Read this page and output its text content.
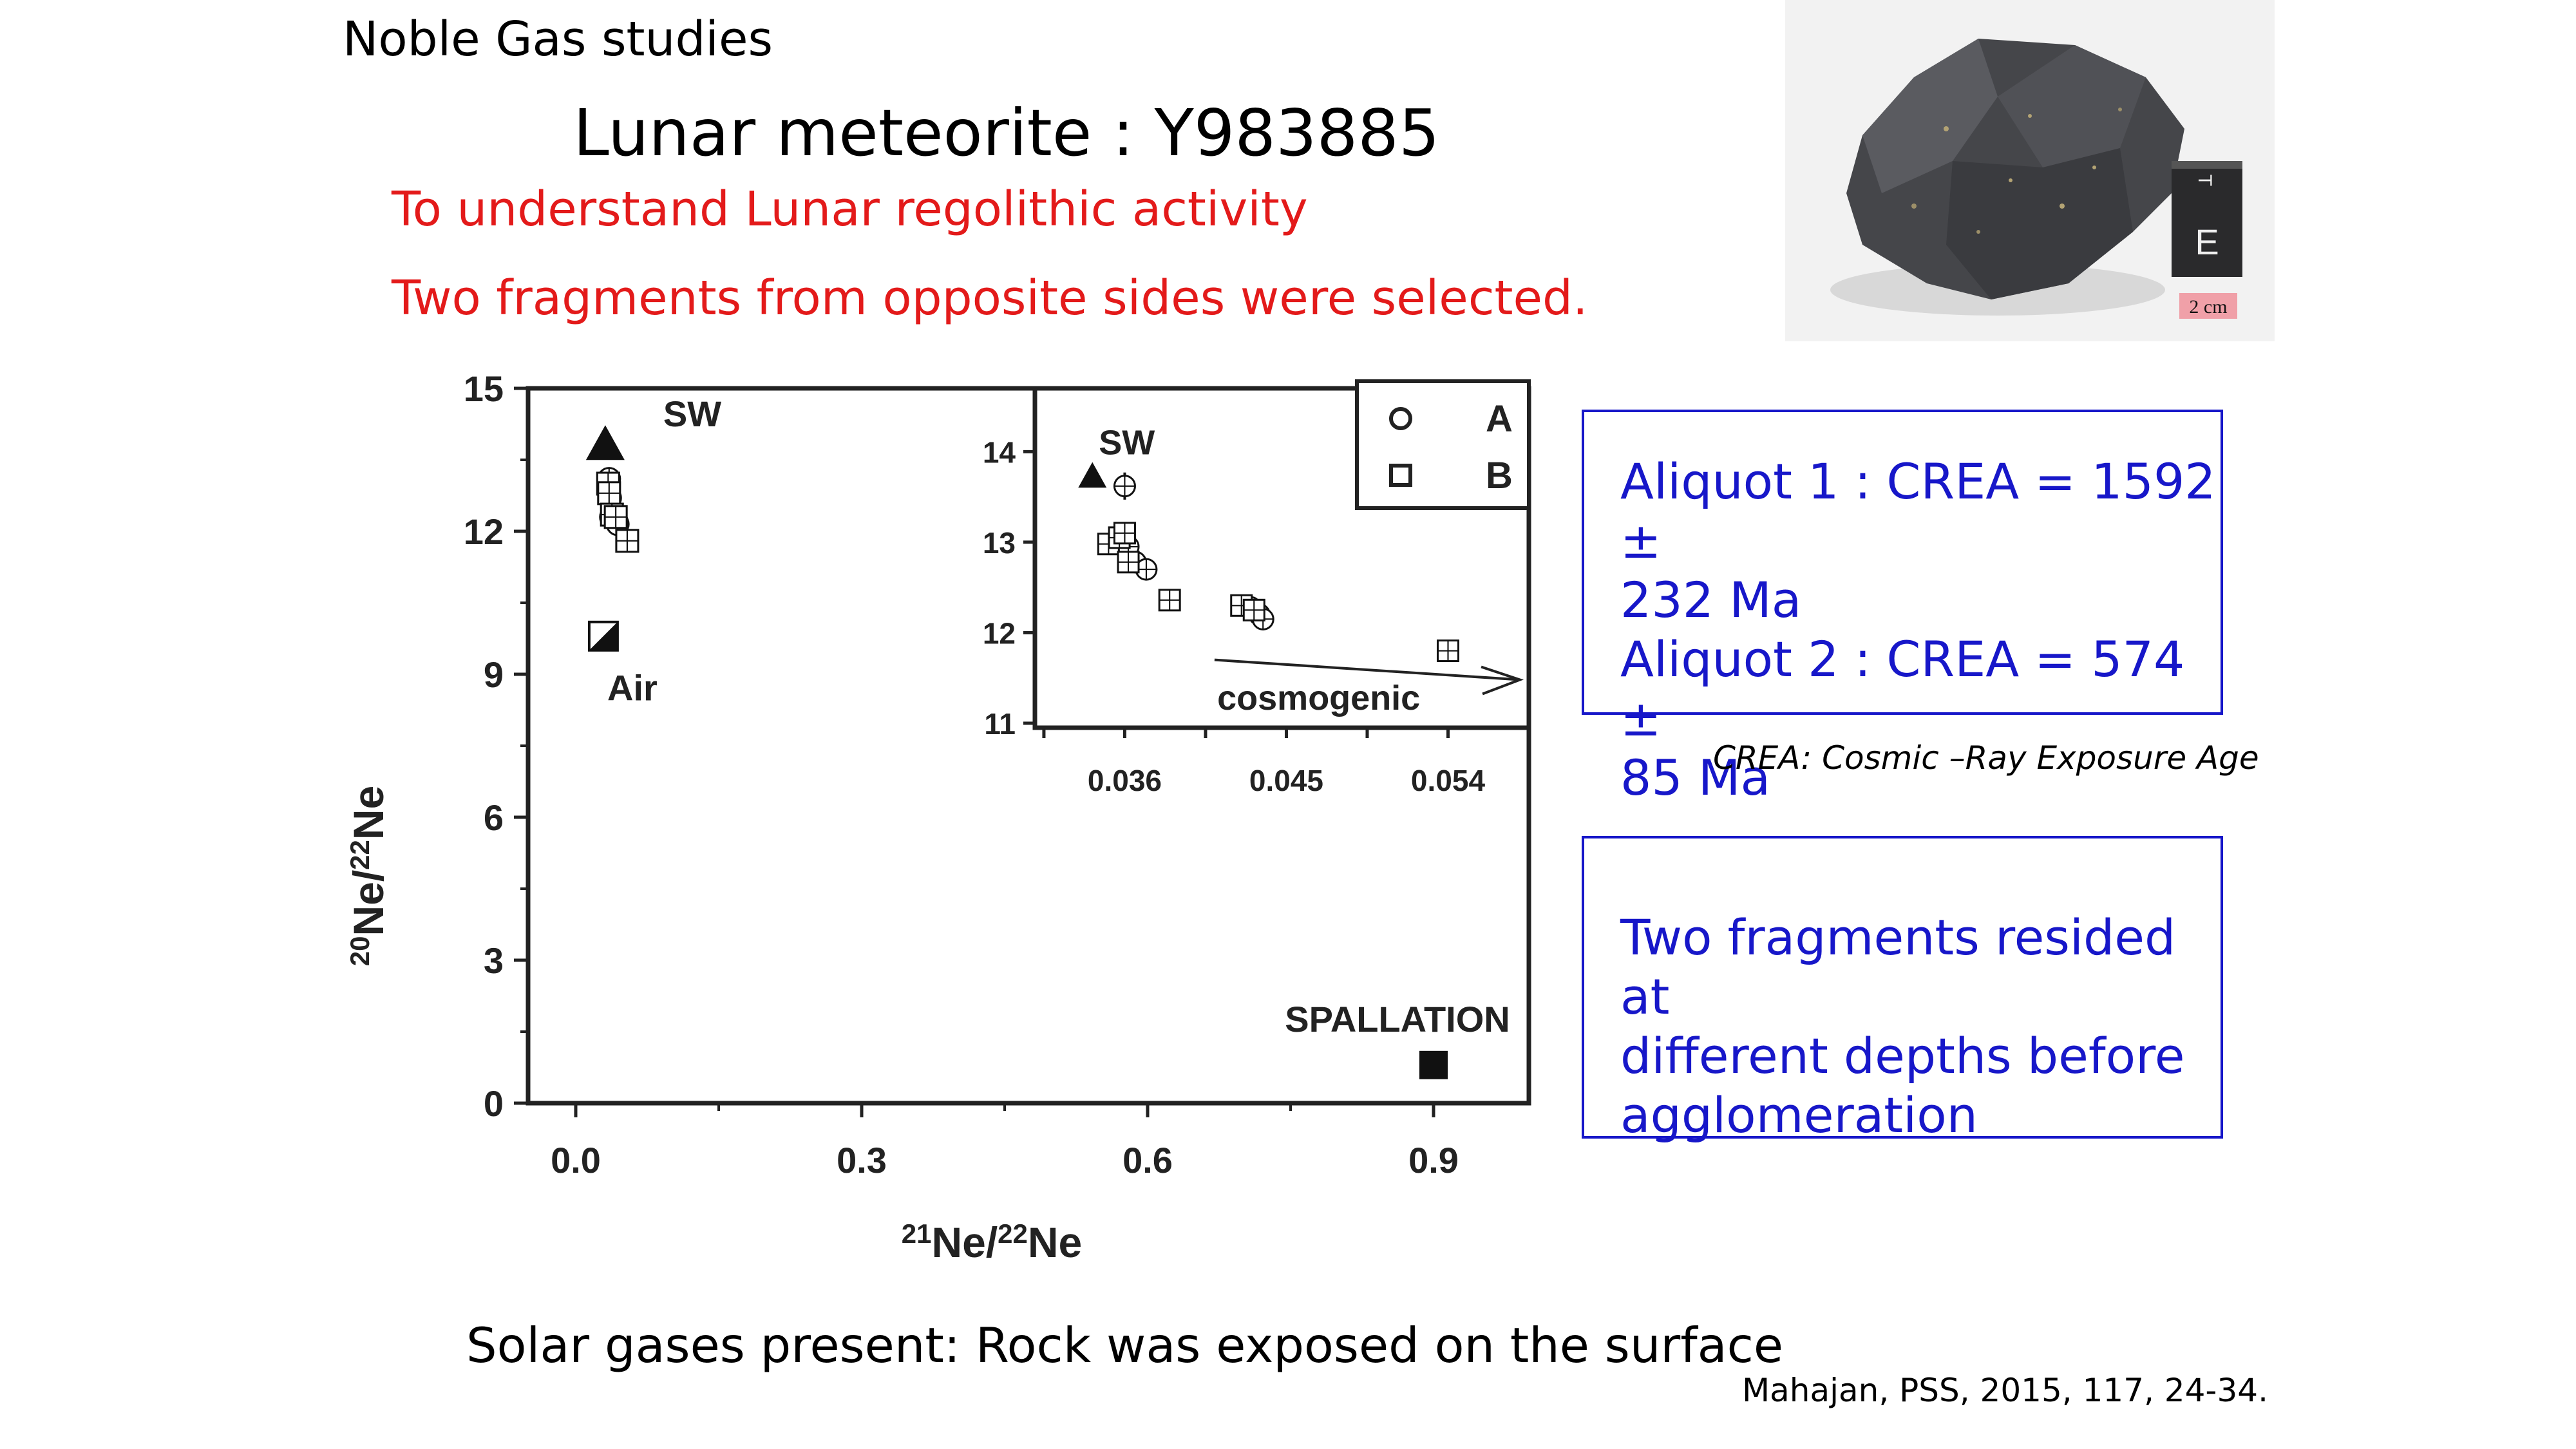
Noble Gas studies
Lunar meteorite : Y983885
To understand Lunar regolithic activity
Two fragments from opposite sides were selected.
T
E
2 cm
0
3
6
9
12
15
0.0	0.3	0.6	0.9
SW
Air
SPALLATION
11
12
13
14
0.036	0.045	0.054
SW
cosmogenic
$^{20}$Ne/$^{22}$Ne
$^{21}$Ne/$^{22}$Ne
A
B Aliquot 1 : CREA = 1592 ±
232 Ma
Aliquot 2 : CREA = 574 ±
85 Ma
CREA: Cosmic –Ray Exposure Age
Two fragments resided at
different depths before
agglomeration
Solar gases present: Rock was exposed on the surface
Mahajan, PSS, 2015, 117, 24-34.
